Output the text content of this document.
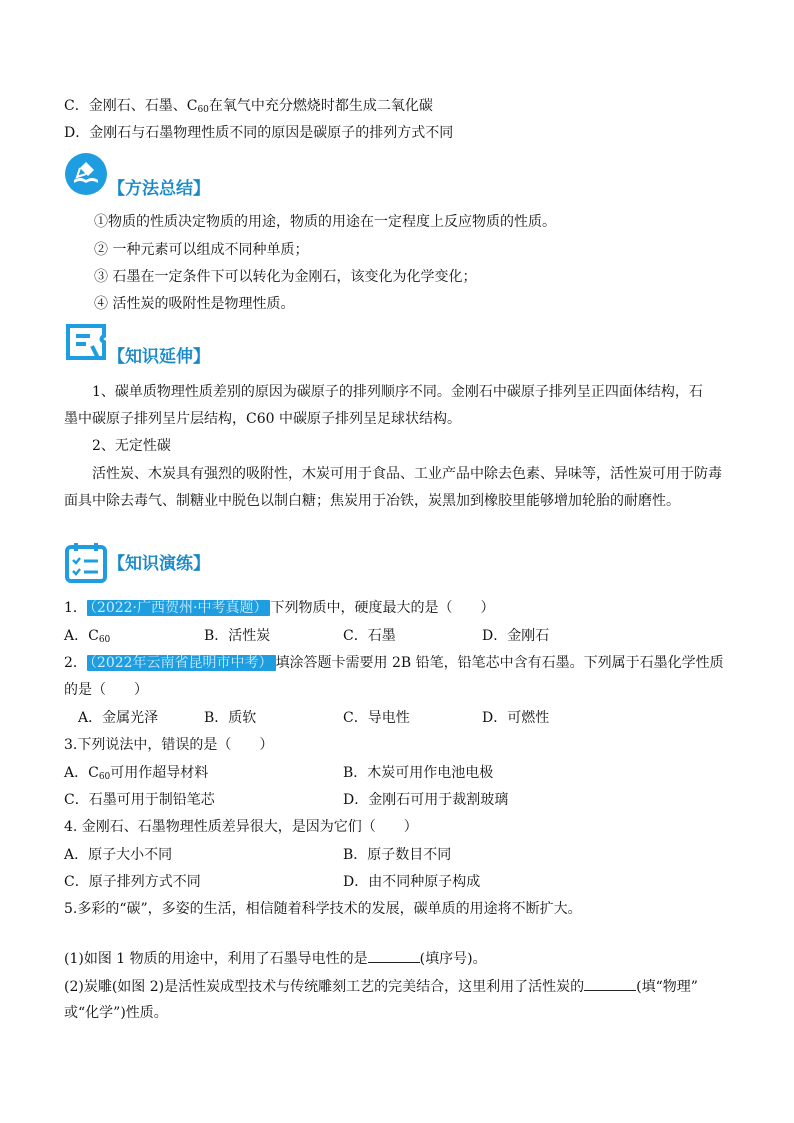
C．金刚石、石墨、$C_{60}$在氧气中充分燃烧时都生成二氧化碳
D．金刚石与石墨物理性质不同的原因是碳原子的排列方式不同
【方法总结】
①物质的性质决定物质的用途，物质的用途在一定程度上反应物质的性质。
② 一种元素可以组成不同种单质；
③ 石墨在一定条件下可以转化为金刚石，该变化为化学变化；
④ 活性炭的吸附性是物理性质。
【知识延伸】
1、碳单质物理性质差别的原因为碳原子的排列顺序不同。金刚石中碳原子排列呈正四面体结构，石
墨中碳原子排列呈片层结构，C60 中碳原子排列呈足球状结构。
2、无定性碳
活性炭、木炭具有强烈的吸附性，木炭可用于食品、工业产品中除去色素、异味等，活性炭可用于防毒
面具中除去毒气、制糖业中脱色以制白糖；焦炭用于冶铁，炭黑加到橡胶里能够增加轮胎的耐磨性。
【知识演练】
1． （2022·广西贺州·中考真题） 下列物质中，硬度最大的是（　　）
A．$C_{60}$	B．活性炭	C．石墨	D．金刚石
2． （2022年云南省昆明市中考） 填涂答题卡需要用 2B 铅笔，铅笔芯中含有石墨。下列属于石墨化学性质
的是（　　）
A．金属光泽	B．质软	C．导电性	D．可燃性
3.下列说法中，错误的是（　　）
A．$C_{60}$可用作超导材料	B．木炭可用作电池电极
C．石墨可用于制铅笔芯	D．金刚石可用于裁割玻璃
4. 金刚石、石墨物理性质差异很大，是因为它们（　　）
A．原子大小不同	B．原子数目不同
C．原子排列方式不同	D．由不同种原子构成
5.多彩的“碳”，多姿的生活，相信随着科学技术的发展，碳单质的用途将不断扩大。
(1)如图 1 物质的用途中，利用了石墨导电性的是	(填序号)。
(2)炭雕(如图 2)是活性炭成型技术与传统雕刻工艺的完美结合，这里利用了活性炭的	(填“物理”
或“化学”)性质。
